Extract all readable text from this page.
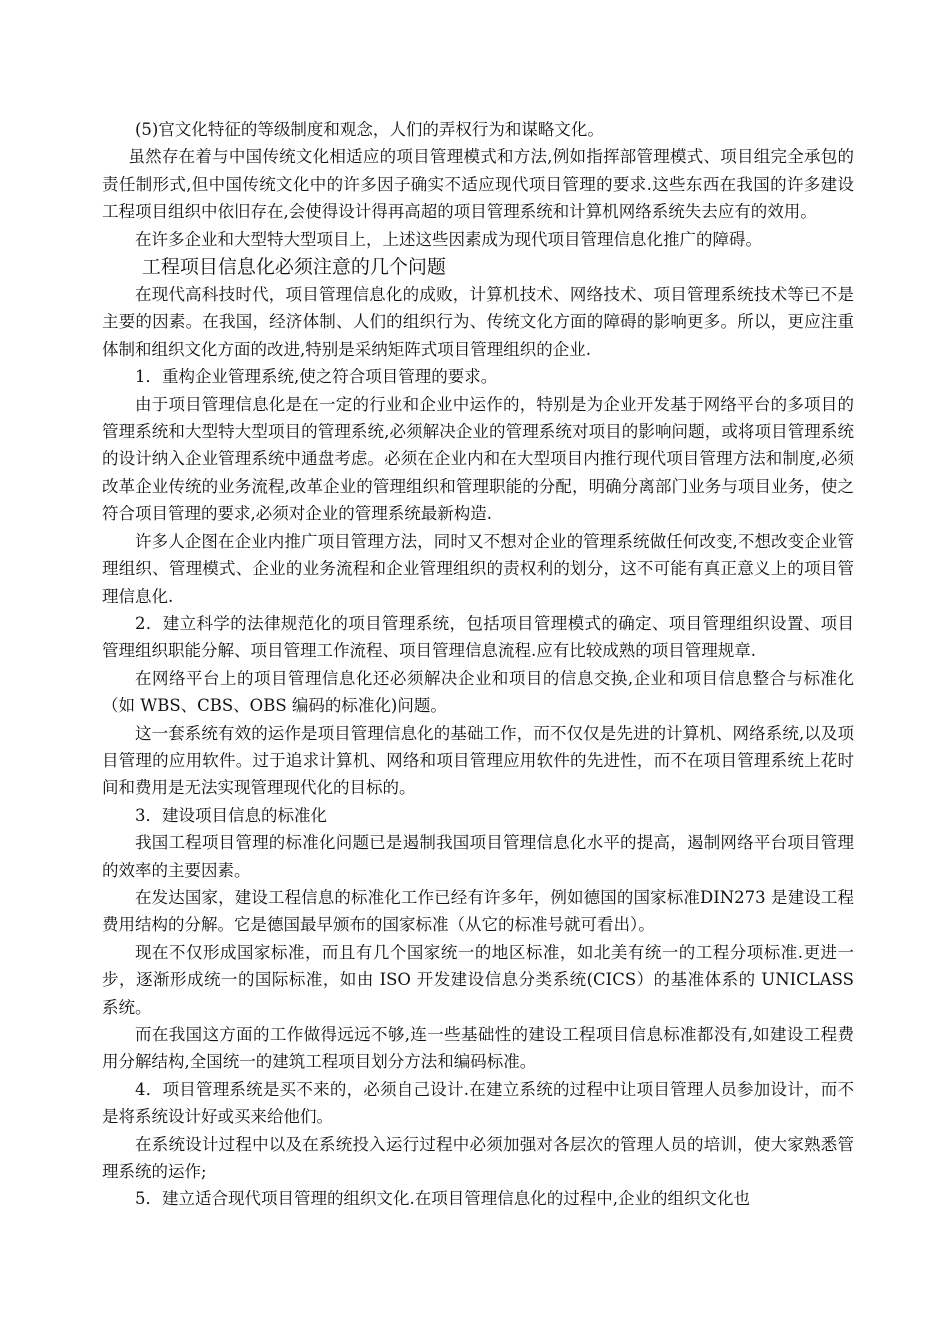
(5)官文化特征的等级制度和观念，人们的弄权行为和谋略文化。

虽然存在着与中国传统文化相适应的项目管理模式和方法,例如指挥部管理模式、项目组完全承包的责任制形式,但中国传统文化中的许多因子确实不适应现代项目管理的要求.这些东西在我国的许多建设工程项目组织中依旧存在,会使得设计得再高超的项目管理系统和计算机网络系统失去应有的效用。

在许多企业和大型特大型项目上，上述这些因素成为现代项目管理信息化推广的障碍。

工程项目信息化必须注意的几个问题

在现代高科技时代，项目管理信息化的成败，计算机技术、网络技术、项目管理系统技术等已不是主要的因素。在我国，经济体制、人们的组织行为、传统文化方面的障碍的影响更多。所以，更应注重体制和组织文化方面的改进,特别是采纳矩阵式项目管理组织的企业.

1．重构企业管理系统,使之符合项目管理的要求。

由于项目管理信息化是在一定的行业和企业中运作的，特别是为企业开发基于网络平台的多项目的管理系统和大型特大型项目的管理系统,必须解决企业的管理系统对项目的影响问题，或将项目管理系统的设计纳入企业管理系统中通盘考虑。必须在企业内和在大型项目内推行现代项目管理方法和制度,必须改革企业传统的业务流程,改革企业的管理组织和管理职能的分配，明确分离部门业务与项目业务，使之符合项目管理的要求,必须对企业的管理系统最新构造.

许多人企图在企业内推广项目管理方法，同时又不想对企业的管理系统做任何改变,不想改变企业管理组织、管理模式、企业的业务流程和企业管理组织的责权利的划分，这不可能有真正意义上的项目管理信息化.

2．建立科学的法律规范化的项目管理系统，包括项目管理模式的确定、项目管理组织设置、项目管理组织职能分解、项目管理工作流程、项目管理信息流程.应有比较成熟的项目管理规章.

在网络平台上的项目管理信息化还必须解决企业和项目的信息交换,企业和项目信息整合与标准化（如 WBS、CBS、OBS 编码的标准化)问题。

这一套系统有效的运作是项目管理信息化的基础工作，而不仅仅是先进的计算机、网络系统,以及项目管理的应用软件。过于追求计算机、网络和项目管理应用软件的先进性，而不在项目管理系统上花时间和费用是无法实现管理现代化的目标的。

3．建设项目信息的标准化

我国工程项目管理的标准化问题已是遏制我国项目管理信息化水平的提高，遏制网络平台项目管理的效率的主要因素。

在发达国家，建设工程信息的标准化工作已经有许多年，例如德国的国家标准DIN273 是建设工程费用结构的分解。它是德国最早颁布的国家标准（从它的标准号就可看出）。

现在不仅形成国家标准，而且有几个国家统一的地区标准，如北美有统一的工程分项标准.更进一步，逐渐形成统一的国际标准，如由 ISO 开发建设信息分类系统(CICS）的基准体系的 UNICLASS 系统。

而在我国这方面的工作做得远远不够,连一些基础性的建设工程项目信息标准都没有,如建设工程费用分解结构,全国统一的建筑工程项目划分方法和编码标准。

4．项目管理系统是买不来的，必须自己设计.在建立系统的过程中让项目管理人员参加设计，而不是将系统设计好或买来给他们。

在系统设计过程中以及在系统投入运行过程中必须加强对各层次的管理人员的培训，使大家熟悉管理系统的运作;

5．建立适合现代项目管理的组织文化.在项目管理信息化的过程中,企业的组织文化也
